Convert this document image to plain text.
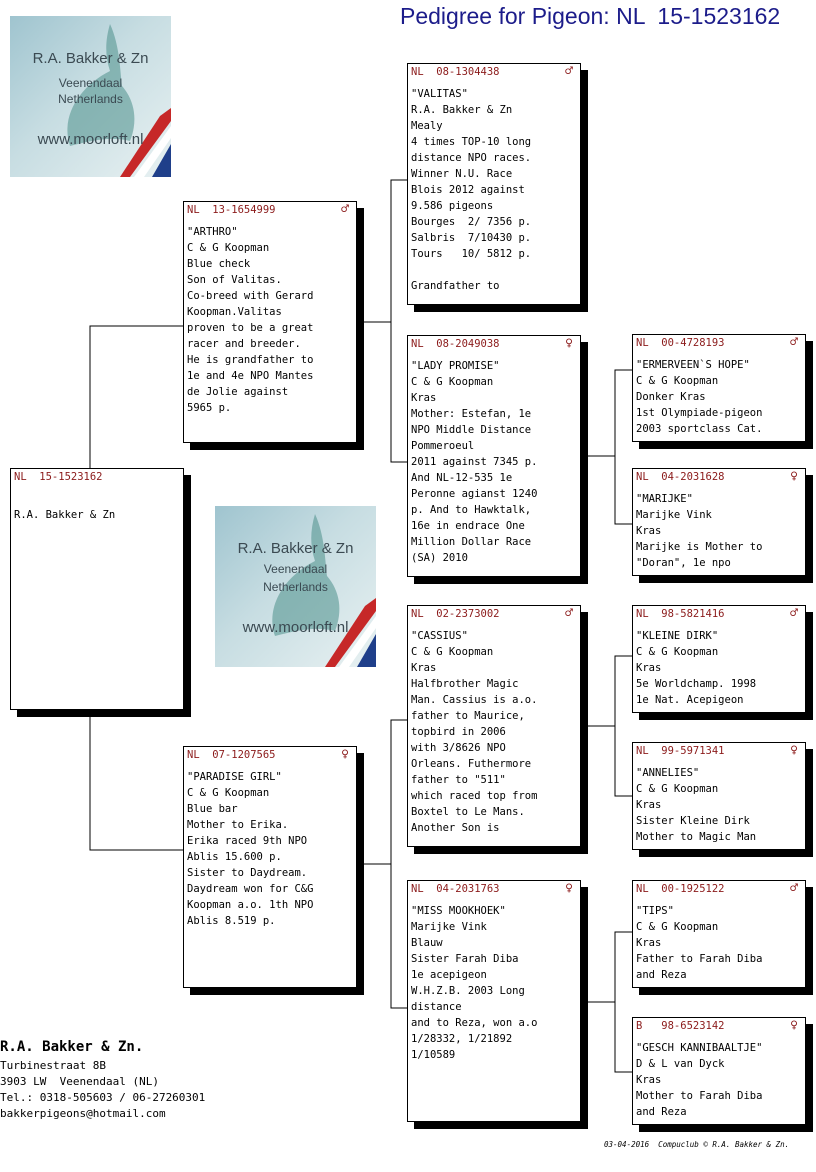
Pedigree for Pigeon: NL  15-1523162
R.A. Bakker & Zn
Veenendaal
Netherlands
www.moorloft.nl
R.A. Bakker & Zn
Veenendaal
Netherlands
www.moorloft.nl
NL  15-1523162

R.A. Bakker & Zn
NL  13-1654999	♂
"ARTHRO"
C & G Koopman
Blue check
Son of Valitas.
Co-breed with Gerard
Koopman.Valitas
proven to be a great
racer and breeder.
He is grandfather to
1e and 4e NPO Mantes
de Jolie against
5965 p.
NL  07-1207565	♀
"PARADISE GIRL"
C & G Koopman
Blue bar
Mother to Erika.
Erika raced 9th NPO
Ablis 15.600 p.
Sister to Daydream.
Daydream won for C&G
Koopman a.o. 1th NPO
Ablis 8.519 p.
NL  08-1304438	♂
"VALITAS"
R.A. Bakker & Zn
Mealy
4 times TOP-10 long
distance NPO races.
Winner N.U. Race
Blois 2012 against
9.586 pigeons
Bourges  2/ 7356 p.
Salbris  7/10430 p.
Tours   10/ 5812 p.

Grandfather to
NL  08-2049038	♀
"LADY PROMISE"
C & G Koopman
Kras
Mother: Estefan, 1e
NPO Middle Distance
Pommeroeul
2011 against 7345 p.
And NL-12-535 1e
Peronne agianst 1240
p. And to Hawktalk,
16e in endrace One
Million Dollar Race
(SA) 2010
NL  02-2373002	♂
"CASSIUS"
C & G Koopman
Kras
Halfbrother Magic
Man. Cassius is a.o.
father to Maurice,
topbird in 2006
with 3/8626 NPO
Orleans. Futhermore
father to "511"
which raced top from
Boxtel to Le Mans.
Another Son is
NL  04-2031763	♀
"MISS MOOKHOEK"
Marijke Vink
Blauw
Sister Farah Diba
1e acepigeon
W.H.Z.B. 2003 Long
distance
and to Reza, won a.o
1/28332, 1/21892
1/10589
NL  00-4728193	♂
"ERMERVEEN`S HOPE"
C & G Koopman
Donker Kras
1st Olympiade-pigeon
2003 sportclass Cat.
NL  04-2031628	♀
"MARIJKE"
Marijke Vink
Kras
Marijke is Mother to
"Doran", 1e npo
NL  98-5821416	♂
"KLEINE DIRK"
C & G Koopman
Kras
5e Worldchamp. 1998
1e Nat. Acepigeon
NL  99-5971341	♀
"ANNELIES"
C & G Koopman
Kras
Sister Kleine Dirk
Mother to Magic Man
NL  00-1925122	♂
"TIPS"
C & G Koopman
Kras
Father to Farah Diba
and Reza
B   98-6523142	♀
"GESCH KANNIBAALTJE"
D & L van Dyck
Kras
Mother to Farah Diba
and Reza
R.A. Bakker & Zn.
Turbinestraat 8B
3903 LW  Veenendaal (NL)
Tel.: 0318-505603 / 06-27260301
bakkerpigeons@hotmail.com
03-04-2016  Compuclub © R.A. Bakker & Zn.
